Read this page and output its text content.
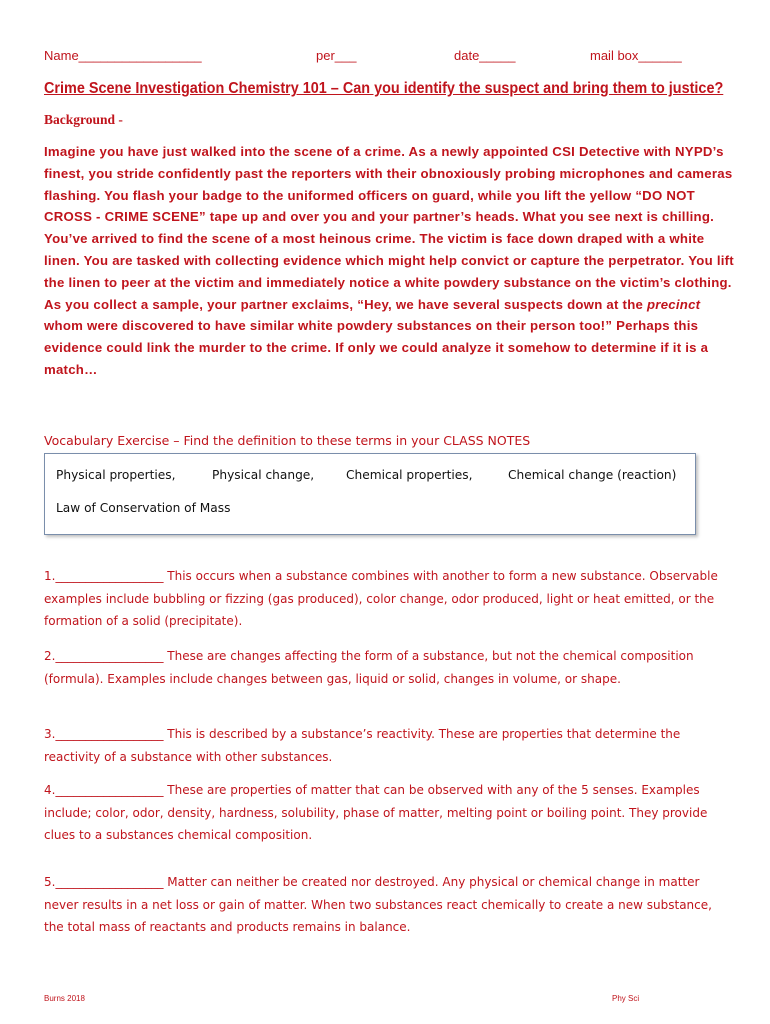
Name_________________	per___	date_____	mail box______
Crime Scene Investigation Chemistry 101 – Can you identify the suspect and bring them to justice?

Background -

Imagine you have just walked into the scene of a crime. As a newly appointed CSI Detective with NYPD’s finest, you stride confidently past the reporters with their obnoxiously probing microphones and cameras flashing. You flash your badge to the uniformed officers on guard, while you lift the yellow “DO NOT CROSS - CRIME SCENE” tape up and over you and your partner’s heads. What you see next is chilling. You’ve arrived to find the scene of a most heinous crime. The victim is face down draped with a white linen. You are tasked with collecting evidence which might help convict or capture the perpetrator. You lift the linen to peer at the victim and immediately notice a white powdery substance on the victim’s clothing. As you collect a sample, your partner exclaims, “Hey, we have several suspects down at the precinct whom were discovered to have similar white powdery substances on their person too!” Perhaps this evidence could link the murder to the crime. If only we could analyze it somehow to determine if it is a match…

Vocabulary Exercise – Find the definition to these terms in your CLASS NOTES

Physical properties,	Physical change,	Chemical properties,	Chemical change (reaction)
Law of Conservation of Mass

1.__________________ This occurs when a substance combines with another to form a new substance. Observable examples include bubbling or fizzing (gas produced), color change, odor produced, light or heat emitted, or the formation of a solid (precipitate).

2.__________________ These are changes affecting the form of a substance, but not the chemical composition (formula). Examples include changes between gas, liquid or solid, changes in volume, or shape.

3.__________________ This is described by a substance’s reactivity. These are properties that determine the reactivity of a substance with other substances.

4.__________________ These are properties of matter that can be observed with any of the 5 senses. Examples include; color, odor, density, hardness, solubility, phase of matter, melting point or boiling point. They provide clues to a substances chemical composition.

5.__________________ Matter can neither be created nor destroyed. Any physical or chemical change in matter never results in a net loss or gain of matter. When two substances react chemically to create a new substance, the total mass of reactants and products remains in balance.

Burns 2018	Phy Sci
